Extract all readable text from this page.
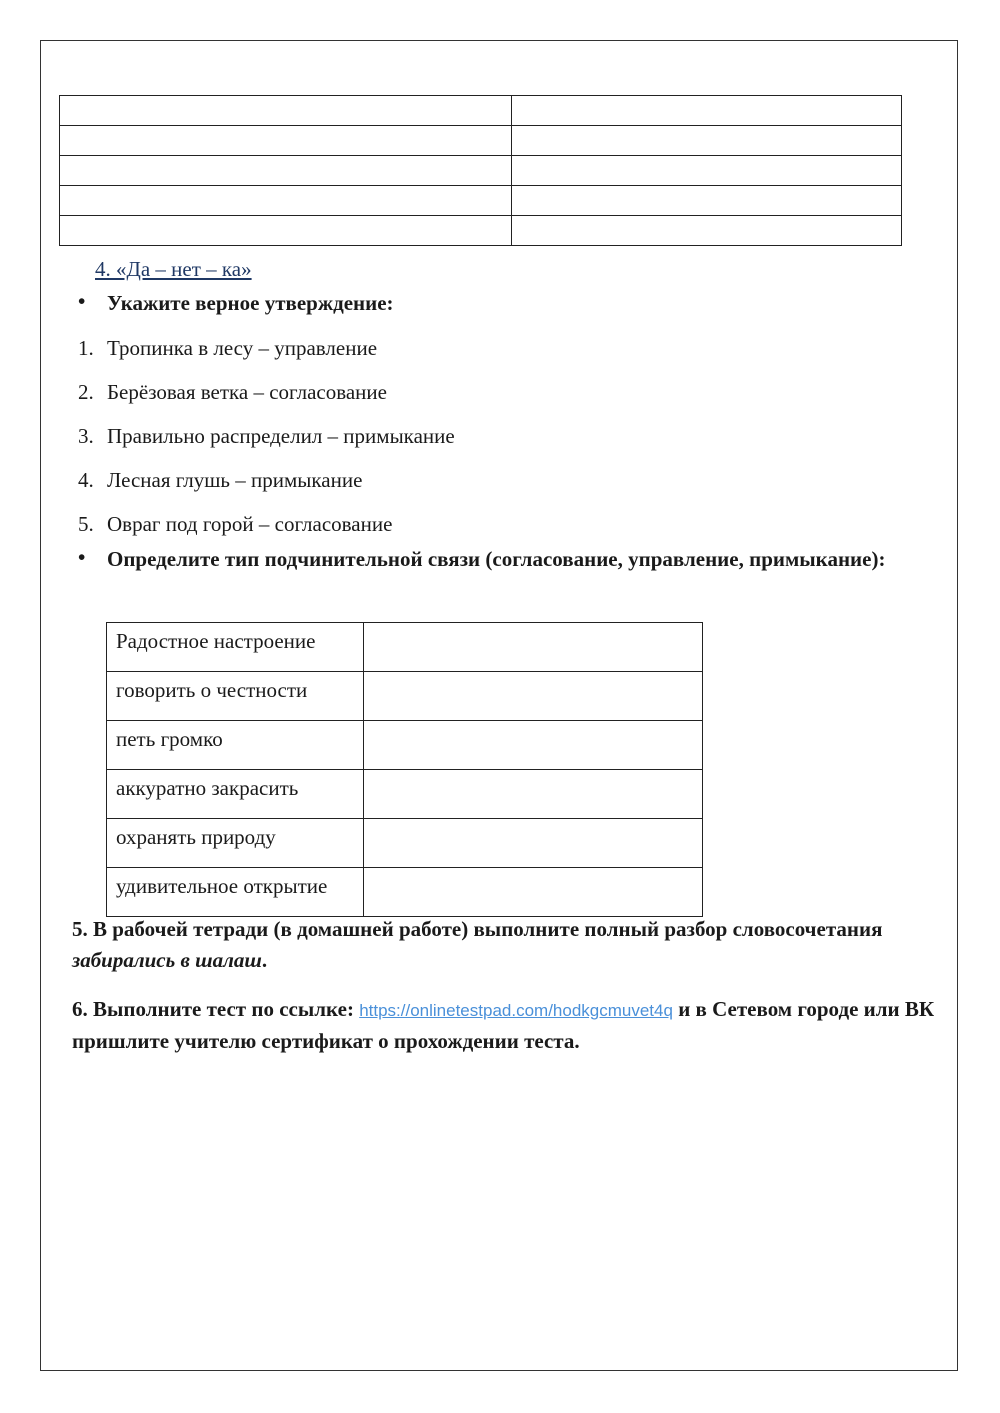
4. «Да – нет – ка»
• Укажите верное утверждение:
1. Тропинка в лесу – управление
2. Берёзовая ветка – согласование
3. Правильно распределил – примыкание
4. Лесная глушь – примыкание
5. Овраг под горой – согласование
• Определите тип подчинительной связи (согласование, управление, примыкание):
Радостное настроение	
говорить о честности	
петь громко	
аккуратно закрасить	
охранять природу	
удивительное открытие	
5. В рабочей тетради (в домашней работе) выполните полный разбор словосочетания забирались в шалаш.
6. Выполните тест по ссылке: https://onlinetestpad.com/hodkgcmuvet4q и в Сетевом городе или ВК пришлите учителю сертификат о прохождении теста.
